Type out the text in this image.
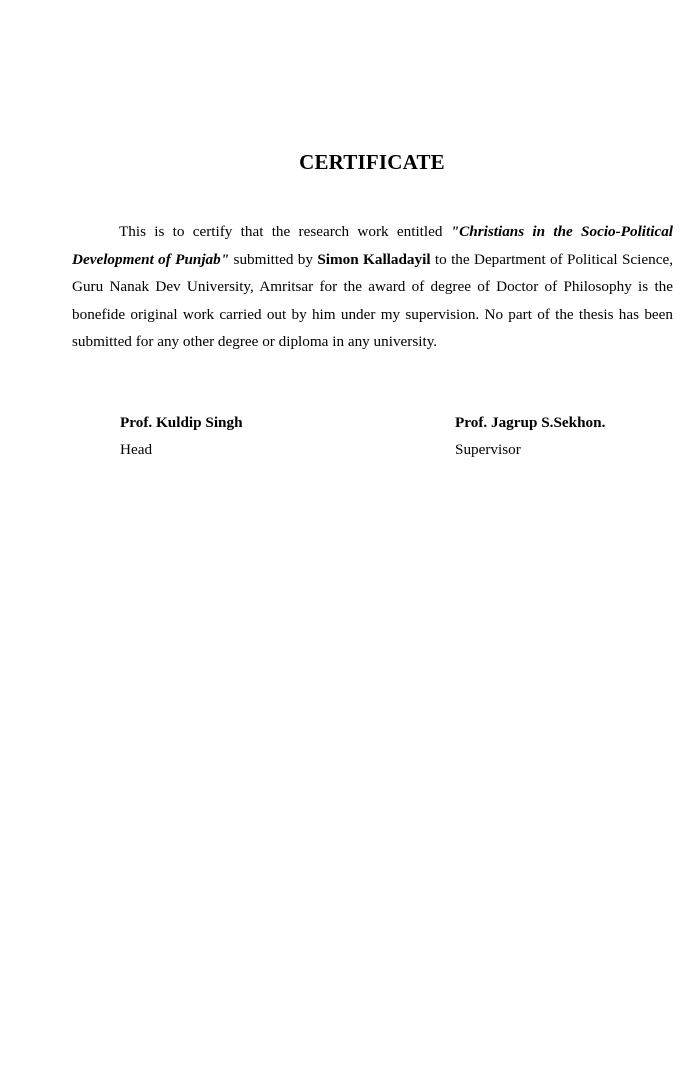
CERTIFICATE

This is to certify that the research work entitled "Christians in the Socio-Political Development of Punjab" submitted by Simon Kalladayil to the Department of Political Science, Guru Nanak Dev University, Amritsar for the award of degree of Doctor of Philosophy is the bonefide original work carried out by him under my supervision. No part of the thesis has been submitted for any other degree or diploma in any university.

Prof. Kuldip Singh
Head
Prof. Jagrup S.Sekhon.
Supervisor
